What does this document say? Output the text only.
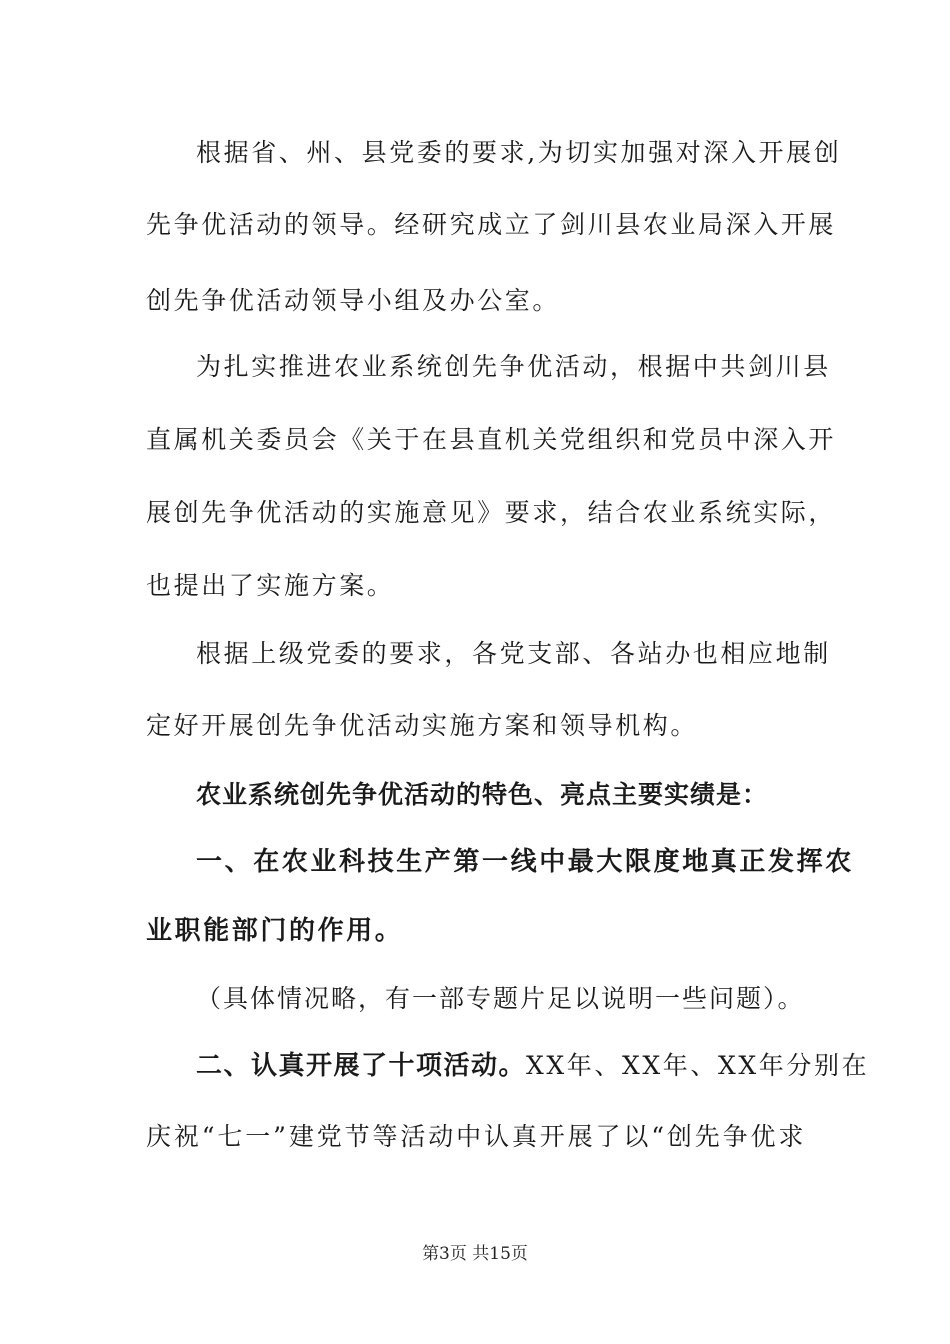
根据省、州、县党委的要求,为切实加强对深入开展创
先争优活动的领导。经研究成立了剑川县农业局深入开展
创先争优活动领导小组及办公室。
为扎实推进农业系统创先争优活动，根据中共剑川县
直属机关委员会《关于在县直机关党组织和党员中深入开
展创先争优活动的实施意见》要求，结合农业系统实际，
也提出了实施方案。
根据上级党委的要求，各党支部、各站办也相应地制
定好开展创先争优活动实施方案和领导机构。
农业系统创先争优活动的特色、亮点主要实绩是：
一、在农业科技生产第一线中最大限度地真正发挥农
业职能部门的作用。
（具体情况略，有一部专题片足以说明一些问题）。
二、认真开展了十项活动。 XX年、XX年、XX年分别在
庆祝“七一”建党节等活动中认真开展了以“创先争优求
第3页 共15页
